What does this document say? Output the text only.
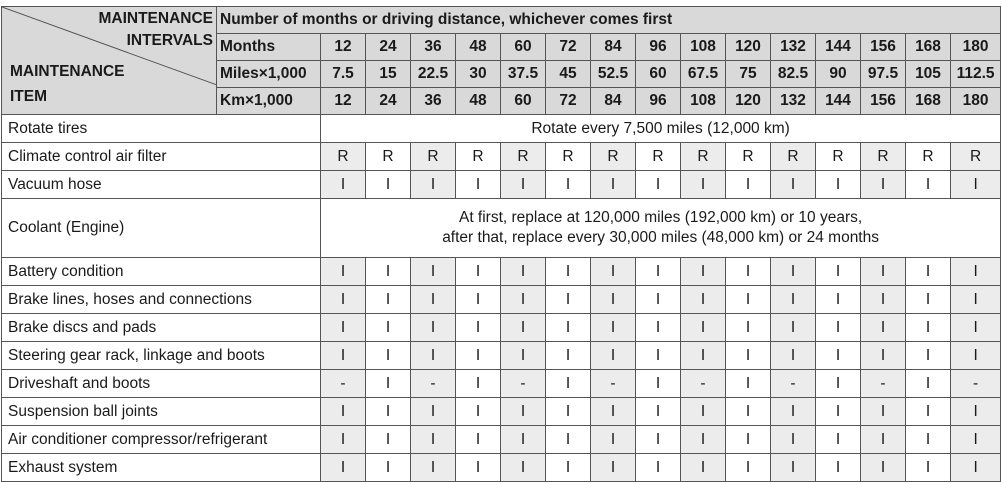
MAINTENANCE
INTERVALS
MAINTENANCE
ITEM	Number of months or driving distance, whichever comes first															
	Months	12	24	36	48	60	72	84	96	108	120	132	144	156	168	180
	Miles×1,000	7.5	15	22.5	30	37.5	45	52.5	60	67.5	75	82.5	90	97.5	105	112.5
	Km×1,000	12	24	36	48	60	72	84	96	108	120	132	144	156	168	180
Rotate tires		Rotate every 7,500 miles (12,000 km)														
Climate control air filter		R	R	R	R	R	R	R	R	R	R	R	R	R	R	R
Vacuum hose		I	I	I	I	I	I	I	I	I	I	I	I	I	I	I
Coolant (Engine)		At first, replace at 120,000 miles (192,000 km) or 10 years,
after that, replace every 30,000 miles (48,000 km) or 24 months														

Battery condition		I	I	I	I	I	I	I	I	I	I	I	I	I	I	I
Brake lines, hoses and connections		I	I	I	I	I	I	I	I	I	I	I	I	I	I	I
Brake discs and pads		I	I	I	I	I	I	I	I	I	I	I	I	I	I	I
Steering gear rack, linkage and boots		I	I	I	I	I	I	I	I	I	I	I	I	I	I	I
Driveshaft and boots		-	I	-	I	-	I	-	I	-	I	-	I	-	I	-
Suspension ball joints		I	I	I	I	I	I	I	I	I	I	I	I	I	I	I
Air conditioner compressor/refrigerant		I	I	I	I	I	I	I	I	I	I	I	I	I	I	I
Exhaust system		I	I	I	I	I	I	I	I	I	I	I	I	I	I	I
